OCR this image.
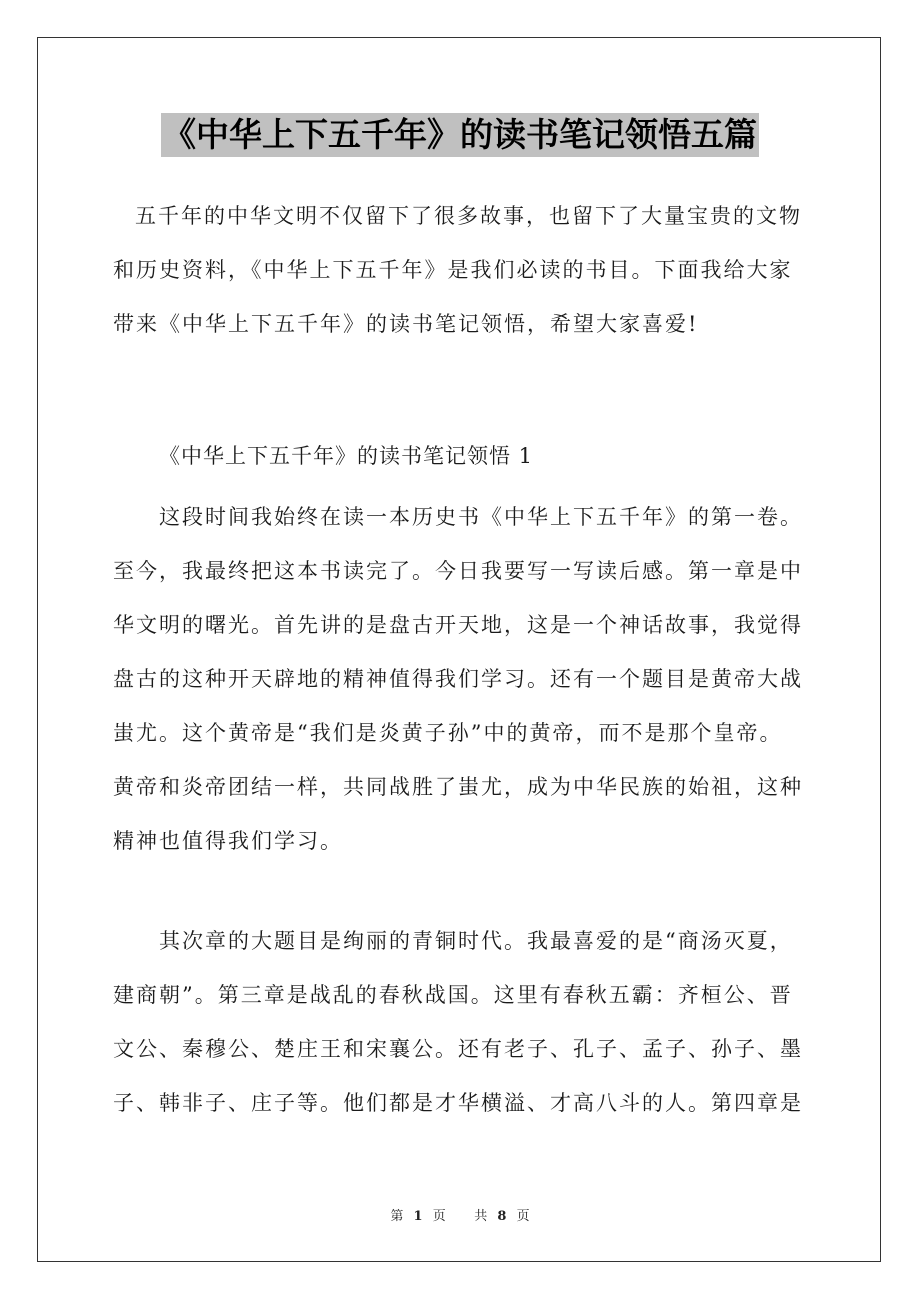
《中华上下五千年》的读书笔记领悟五篇
五千年的中华文明不仅留下了很多故事，也留下了大量宝贵的文物
和历史资料，《中华上下五千年》是我们必读的书目。下面我给大家
带来《中华上下五千年》的读书笔记领悟，希望大家喜爱!
《中华上下五千年》的读书笔记领悟 1
这段时间我始终在读一本历史书《中华上下五千年》的第一卷。
至今，我最终把这本书读完了。今日我要写一写读后感。第一章是中
华文明的曙光。首先讲的是盘古开天地，这是一个神话故事，我觉得
盘古的这种开天辟地的精神值得我们学习。还有一个题目是黄帝大战
蚩尤。这个黄帝是“我们是炎黄子孙”中的黄帝，而不是那个皇帝。
黄帝和炎帝团结一样，共同战胜了蚩尤，成为中华民族的始祖，这种
精神也值得我们学习。
其次章的大题目是绚丽的青铜时代。我最喜爱的是“商汤灭夏，
建商朝”。第三章是战乱的春秋战国。这里有春秋五霸：齐桓公、晋
文公、秦穆公、楚庄王和宋襄公。还有老子、孔子、孟子、孙子、墨
子、韩非子、庄子等。他们都是才华横溢、才高八斗的人。第四章是
第 1 页 共 8 页
